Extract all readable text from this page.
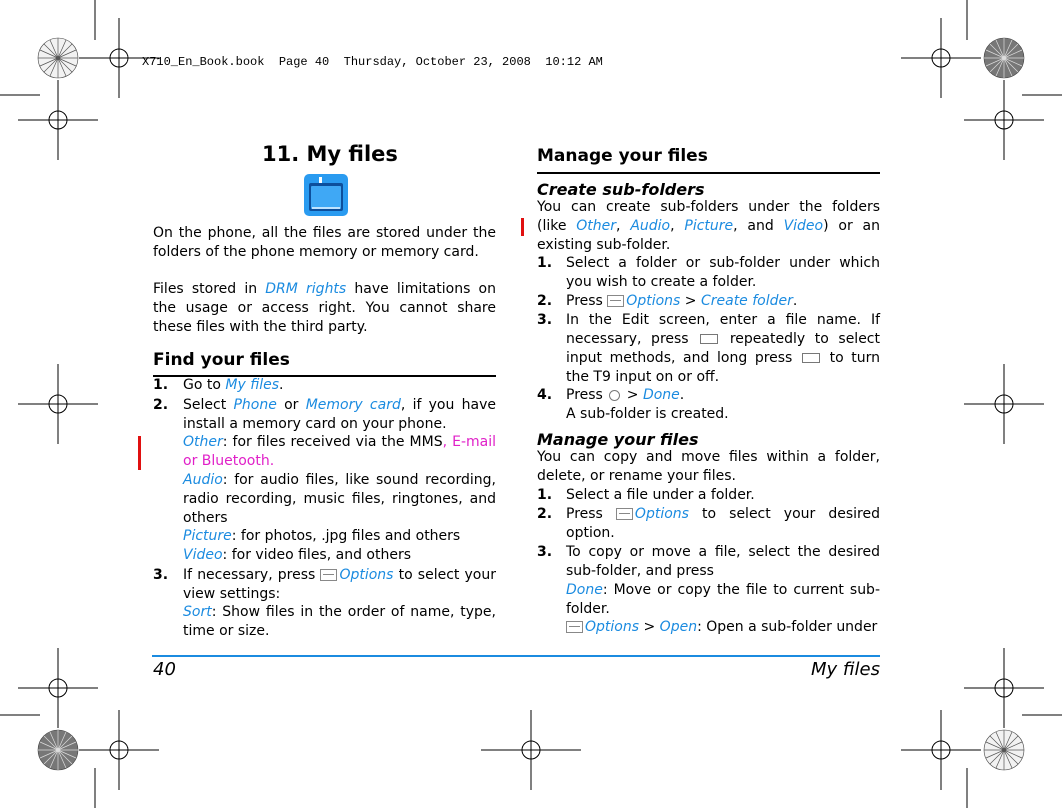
X710_En_Book.book  Page 40  Thursday, October 23, 2008  10:12 AM
11. My files
On the phone, all the files are stored under the folders of the phone memory or memory card.
Files stored in DRM rights have limitations on the usage or access right. You cannot share these files with the third party.
Find your files
1. Go to My files.
2. Select Phone or Memory card, if you have install a memory card on your phone.
Other: for files received via the MMS, E-mail or Bluetooth.
Audio: for audio files, like sound recording, radio recording, music files, ringtones, and others
Picture: for photos, .jpg files and others
Video: for video files, and others
3. If necessary, press Options to select your view settings:
Sort: Show files in the order of name, type, time or size.
Manage your files
Create sub-folders
You can create sub-folders under the folders (like Other, Audio, Picture, and Video) or an existing sub-folder.
1. Select a folder or sub-folder under which you wish to create a folder.
2. Press Options > Create folder.
3. In the Edit screen, enter a file name. If necessary, press  repeatedly to select input methods, and long press  to turn the T9 input on or off.
4. Press  > Done.
A sub-folder is created.
Manage your files
You can copy and move files within a folder, delete, or rename your files.
1. Select a file under a folder.
2. Press Options to select your desired option.
3. To copy or move a file, select the desired sub-folder, and press
Done: Move or copy the file to current sub-folder.
Options > Open: Open a sub-folder under
40	My files
